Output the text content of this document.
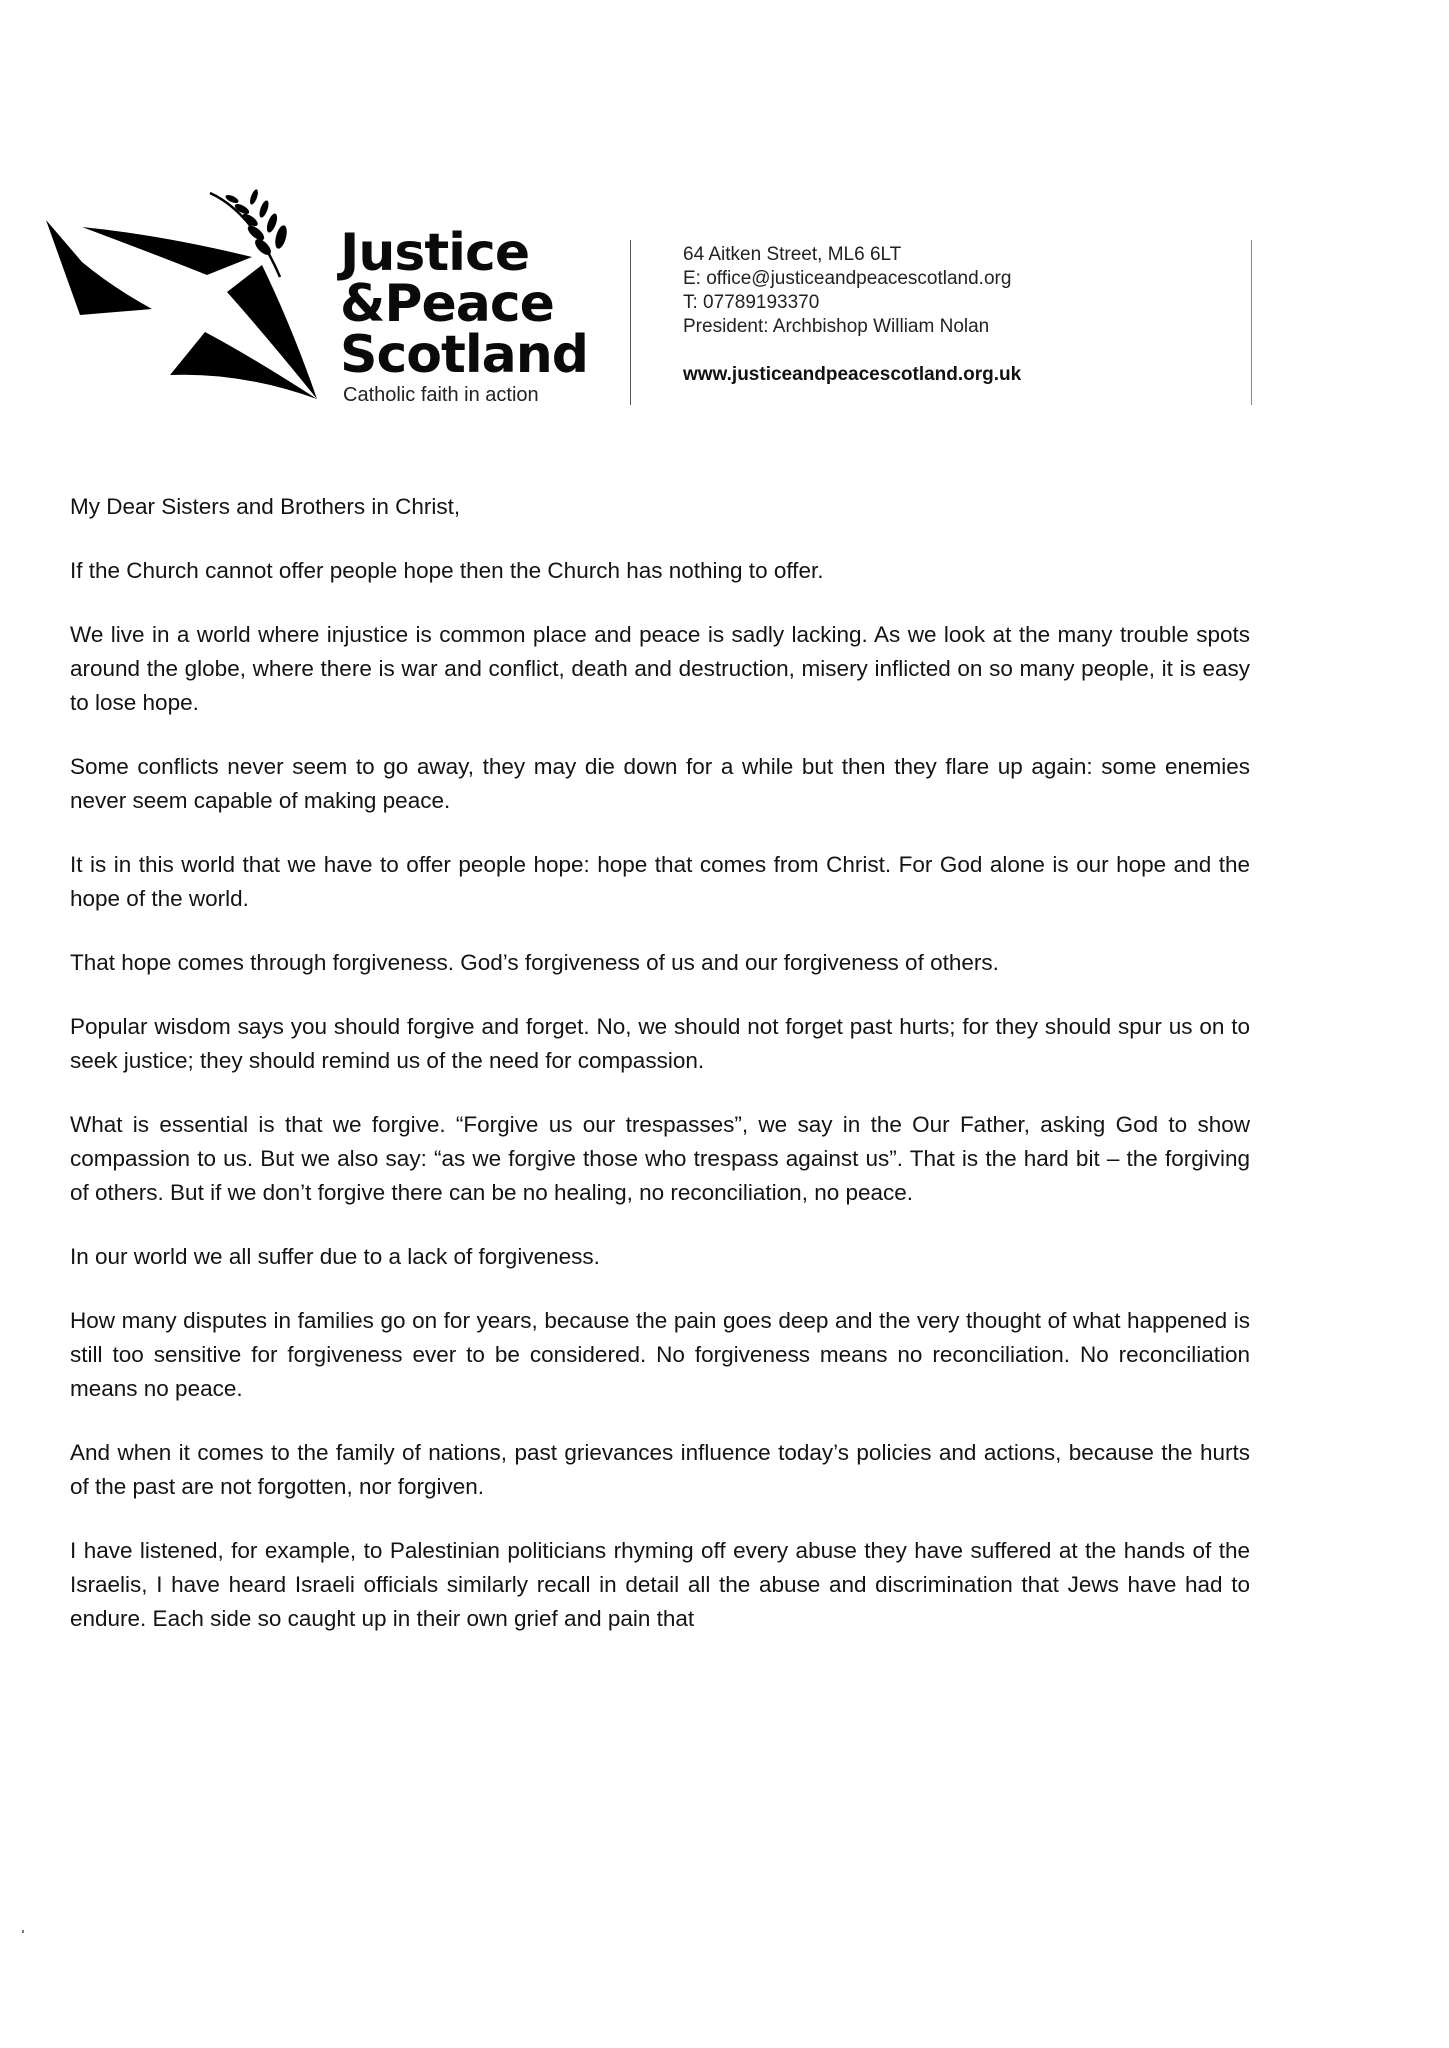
Justice
&Peace
Scotland
Catholic faith in action
64 Aitken Street, ML6 6LT
E: office@justiceandpeacescotland.org
T: 07789193370
President: Archbishop William Nolan
www.justiceandpeacescotland.org.uk

My Dear Sisters and Brothers in Christ,

If the Church cannot offer people hope then the Church has nothing to offer.

We live in a world where injustice is common place and peace is sadly lacking. As we look at the many trouble spots around the globe, where there is war and conflict, death and destruction, misery inflicted on so many people, it is easy to lose hope.

Some conflicts never seem to go away, they may die down for a while but then they flare up again: some enemies never seem capable of making peace.

It is in this world that we have to offer people hope: hope that comes from Christ. For God alone is our hope and the hope of the world.

That hope comes through forgiveness. God’s forgiveness of us and our forgiveness of others.

Popular wisdom says you should forgive and forget. No, we should not forget past hurts; for they should spur us on to seek justice; they should remind us of the need for compassion.

What is essential is that we forgive. “Forgive us our trespasses”, we say in the Our Father, asking God to show compassion to us. But we also say: “as we forgive those who trespass against us”. That is the hard bit – the forgiving of others. But if we don’t forgive there can be no healing, no reconciliation, no peace.

In our world we all suffer due to a lack of forgiveness.

How many disputes in families go on for years, because the pain goes deep and the very thought of what happened is still too sensitive for forgiveness ever to be considered. No forgiveness means no reconciliation. No reconciliation means no peace.

And when it comes to the family of nations, past grievances influence today’s policies and actions, because the hurts of the past are not forgotten, nor forgiven.

I have listened, for example, to Palestinian politicians rhyming off every abuse they have suffered at the hands of the Israelis, I have heard Israeli officials similarly recall in detail all the abuse and discrimination that Jews have had to endure. Each side so caught up in their own grief and pain that
